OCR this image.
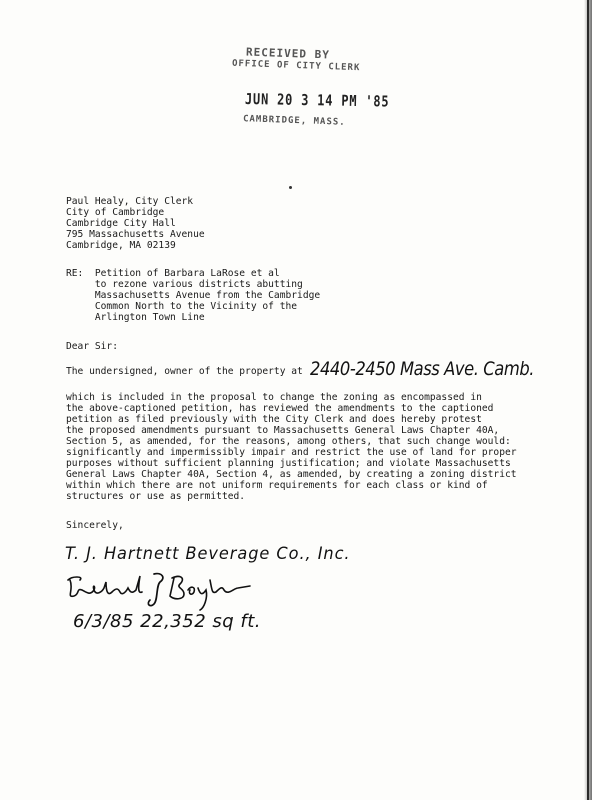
RECEIVED BY
OFFICE OF CITY CLERK
JUN 20 3 14 PM '85
CAMBRIDGE, MASS.
Paul Healy, City Clerk
City of Cambridge
Cambridge City Hall
795 Massachusetts Avenue
Cambridge, MA 02139
RE:  Petition of Barbara LaRose et al
to rezone various districts abutting
Massachusetts Avenue from the Cambridge
Common North to the Vicinity of the
Arlington Town Line
Dear Sir:
The undersigned, owner of the property at 2440-2450 Mass Ave. Camb.
which is included in the proposal to change the zoning as encompassed in
the above-captioned petition, has reviewed the amendments to the captioned
petition as filed previously with the City Clerk and does hereby protest
the proposed amendments pursuant to Massachusetts General Laws Chapter 40A,
Section 5, as amended, for the reasons, among others, that such change would:
significantly and impermissibly impair and restrict the use of land for proper
purposes without sufficient planning justification; and violate Massachusetts
General Laws Chapter 40A, Section 4, as amended, by creating a zoning district
within which there are not uniform requirements for each class or kind of
structures or use as permitted.
Sincerely,
T. J. Hartnett Beverage Co., Inc.
6/3/85 22,352 sq ft.
